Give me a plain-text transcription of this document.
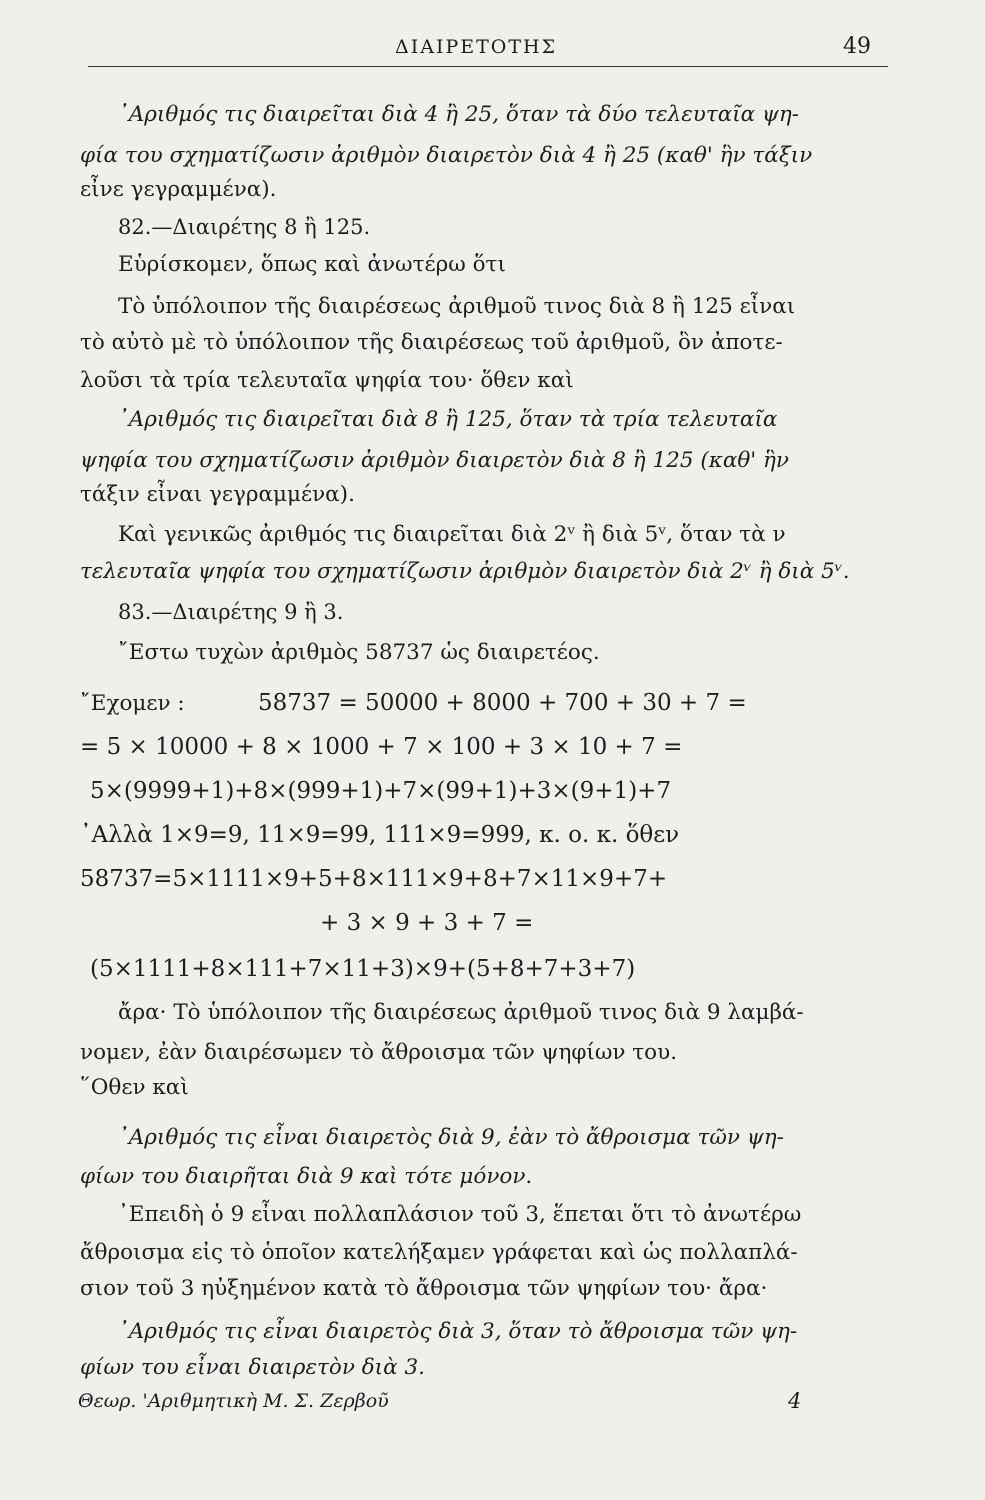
ΔΙΑΙΡΕΤΟΤΗΣ	49
᾿Αριθμός τις διαιρεῖται διὰ 4 ἢ 25, ὅταν τὰ δύο τελευταῖα ψη-
φία του σχηματίζωσιν ἀριθμὸν διαιρετὸν διὰ 4 ἢ 25 (καθ' ἣν τάξιν
εἶνε γεγραμμένα).
82.—Διαιρέτης 8 ἢ 125.
Εὑρίσκομεν, ὅπως καὶ ἀνωτέρω ὅτι
Τὸ ὑπόλοιπον τῆς διαιρέσεως ἀριθμοῦ τινος διὰ 8 ἢ 125 εἶναι
τὸ αὐτὸ μὲ τὸ ὑπόλοιπον τῆς διαιρέσεως τοῦ ἀριθμοῦ, ὃν ἀποτε-
λοῦσι τὰ τρία τελευταῖα ψηφία του· ὅθεν καὶ
᾿Αριθμός τις διαιρεῖται διὰ 8 ἢ 125, ὅταν τὰ τρία τελευταῖα
ψηφία του σχηματίζωσιν ἀριθμὸν διαιρετὸν διὰ 8 ἢ 125 (καθ' ἣν
τάξιν εἶναι γεγραμμένα).
Καὶ γενικῶς ἀριθμός τις διαιρεῖται διὰ 2ᵛ ἢ διὰ 5ᵛ, ὅταν τὰ ν
τελευταῖα ψηφία του σχηματίζωσιν ἀριθμὸν διαιρετὸν διὰ 2ᵛ ἢ διὰ 5ᵛ.
83.—Διαιρέτης 9 ἢ 3.
῎Εστω τυχὼν ἀριθμὸς 58737 ὡς διαιρετέος.
῎Εχομεν :	58737 = 50000 + 8000 + 700 + 30 + 7 =
= 5 × 10000 + 8 × 1000 + 7 × 100 + 3 × 10 + 7 =
5×(9999+1)+8×(999+1)+7×(99+1)+3×(9+1)+7
᾿Αλλὰ 1×9=9, 11×9=99, 111×9=999, κ. ο. κ. ὅθεν
58737=5×1111×9+5+8×111×9+8+7×11×9+7+
+ 3 × 9 + 3 + 7 =
(5×1111+8×111+7×11+3)×9+(5+8+7+3+7)
ἄρα· Τὸ ὑπόλοιπον τῆς διαιρέσεως ἀριθμοῦ τινος διὰ 9 λαμβά-
νομεν, ἐὰν διαιρέσωμεν τὸ ἄθροισμα τῶν ψηφίων του.
῞Οθεν καὶ
᾿Αριθμός τις εἶναι διαιρετὸς διὰ 9, ἐὰν τὸ ἄθροισμα τῶν ψη-
φίων του διαιρῆται διὰ 9 καὶ τότε μόνον.
᾿Επειδὴ ὁ 9 εἶναι πολλαπλάσιον τοῦ 3, ἕπεται ὅτι τὸ ἀνωτέρω
ἄθροισμα εἰς τὸ ὁποῖον κατελήξαμεν γράφεται καὶ ὡς πολλαπλά-
σιον τοῦ 3 ηὐξημένον κατὰ τὸ ἄθροισμα τῶν ψηφίων του· ἄρα·
᾿Αριθμός τις εἶναι διαιρετὸς διὰ 3, ὅταν τὸ ἄθροισμα τῶν ψη-
φίων του εἶναι διαιρετὸν διὰ 3.
Θεωρ. 'Αριθμητικὴ Μ. Σ. Ζερβοῦ	4
